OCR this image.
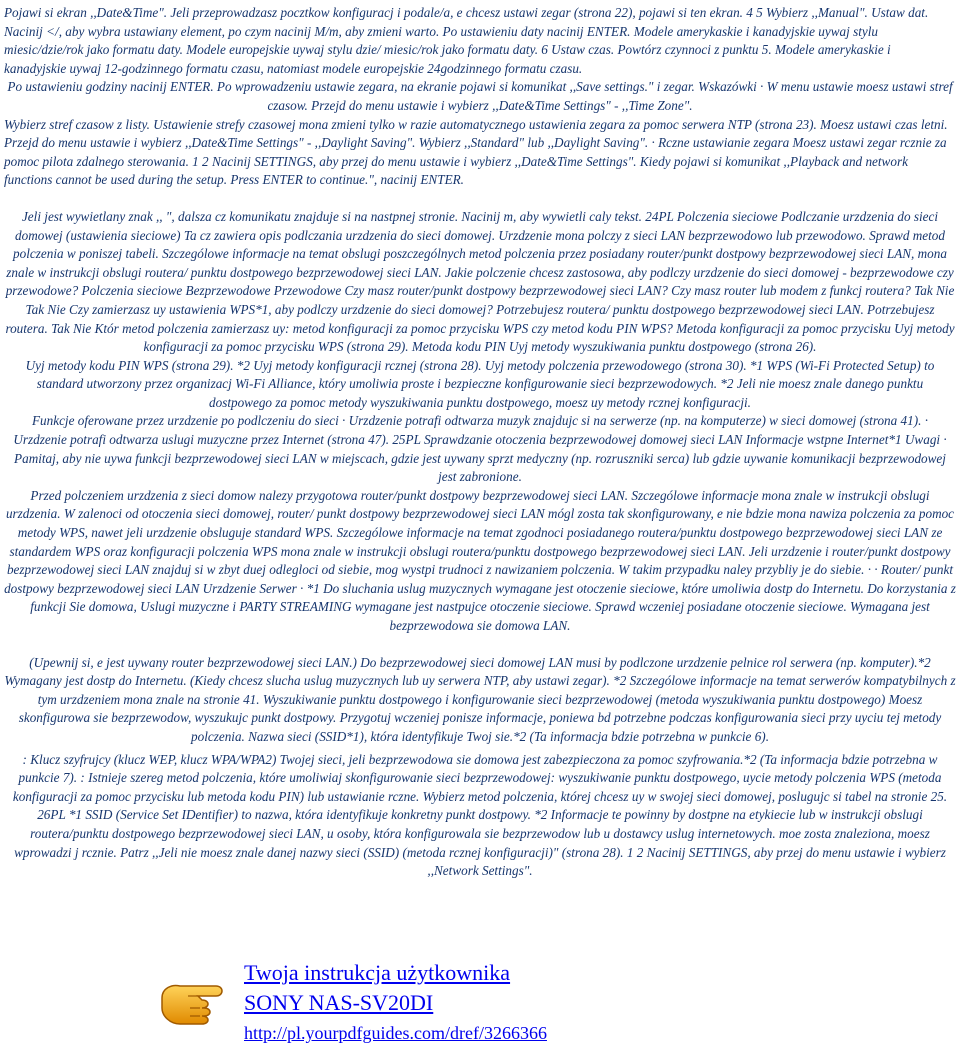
Pojawi si ekran ,,Date&Time". Jeli przeprowadzasz pocztkow konfiguracj i podale/a, e chcesz ustawi zegar (strona 22), pojawi si ten ekran. 4 5 Wybierz ,,Manual". Ustaw dat. Nacinij </, aby wybra ustawiany element, po czym nacinij M/m, aby zmieni warto. Po ustawieniu daty nacinij ENTER. Modele amerykaskie i kanadyjskie uywaj stylu miesic/dzie/rok jako formatu daty. Modele europejskie uywaj stylu dzie/ miesic/rok jako formatu daty. 6 Ustaw czas. Powtórz czynnoci z punktu 5. Modele amerykaskie i kanadyjskie uywaj 12-godzinnego formatu czasu, natomiast modele europejskie 24godzinnego formatu czasu.

Po ustawieniu godziny nacinij ENTER. Po wprowadzeniu ustawie zegara, na ekranie pojawi si komunikat ,,Save settings." i zegar. Wskazówki · W menu ustawie moesz ustawi stref czasow. Przejd do menu ustawie i wybierz ,,Date&Time Settings" - ,,Time Zone".

Wybierz stref czasow z listy. Ustawienie strefy czasowej mona zmieni tylko w razie automatycznego ustawienia zegara za pomoc serwera NTP (strona 23). Moesz ustawi czas letni. Przejd do menu ustawie i wybierz ,,Date&Time Settings" - ,,Daylight Saving". Wybierz ,,Standard" lub ,,Daylight Saving". · Rczne ustawianie zegara Moesz ustawi zegar rcznie za pomoc pilota zdalnego sterowania. 1 2 Nacinij SETTINGS, aby przej do menu ustawie i wybierz ,,Date&Time Settings". Kiedy pojawi si komunikat ,,Playback and network functions cannot be used during the setup. Press ENTER to continue.", nacinij ENTER.

Jeli jest wywietlany znak ,, ", dalsza cz komunikatu znajduje si na nastpnej stronie. Nacinij m, aby wywietli caly tekst. 24PL Polczenia sieciowe Podlczanie urzdzenia do sieci domowej (ustawienia sieciowe) Ta cz zawiera opis podlczania urzdzenia do sieci domowej. Urzdzenie mona polczy z sieci LAN bezprzewodowo lub przewodowo. Sprawd metod polczenia w poniszej tabeli. Szczególowe informacje na temat obslugi poszczególnych metod polczenia przez posiadany router/punkt dostpowy bezprzewodowej sieci LAN, mona znale w instrukcji obslugi routera/ punktu dostpowego bezprzewodowej sieci LAN. Jakie polczenie chcesz zastosowa, aby podlczy urzdzenie do sieci domowej - bezprzewodowe czy przewodowe? Polczenia sieciowe Bezprzewodowe Przewodowe Czy masz router/punkt dostpowy bezprzewodowej sieci LAN? Czy masz router lub modem z funkcj routera? Tak Nie Tak Nie Czy zamierzasz uy ustawienia WPS*1, aby podlczy urzdzenie do sieci domowej? Potrzebujesz routera/ punktu dostpowego bezprzewodowej sieci LAN. Potrzebujesz routera. Tak Nie Któr metod polczenia zamierzasz uy: metod konfiguracji za pomoc przycisku WPS czy metod kodu PIN WPS? Metoda konfiguracji za pomoc przycisku Uyj metody konfiguracji za pomoc przycisku WPS (strona 29). Metoda kodu PIN Uyj metody wyszukiwania punktu dostpowego (strona 26).

Uyj metody kodu PIN WPS (strona 29). *2 Uyj metody konfiguracji rcznej (strona 28). Uyj metody polczenia przewodowego (strona 30). *1 WPS (Wi-Fi Protected Setup) to standard utworzony przez organizacj Wi-Fi Alliance, który umoliwia proste i bezpieczne konfigurowanie sieci bezprzewodowych. *2 Jeli nie moesz znale danego punktu dostpowego za pomoc metody wyszukiwania punktu dostpowego, moesz uy metody rcznej konfiguracji.

Funkcje oferowane przez urzdzenie po podlczeniu do sieci · Urzdzenie potrafi odtwarza muzyk znajdujc si na serwerze (np. na komputerze) w sieci domowej (strona 41). · Urzdzenie potrafi odtwarza uslugi muzyczne przez Internet (strona 47). 25PL Sprawdzanie otoczenia bezprzewodowej domowej sieci LAN Informacje wstpne Internet*1 Uwagi · Pamitaj, aby nie uywa funkcji bezprzewodowej sieci LAN w miejscach, gdzie jest uywany sprzt medyczny (np. rozruszniki serca) lub gdzie uywanie komunikacji bezprzewodowej jest zabronione.

Przed polczeniem urzdzenia z sieci domow nalezy przygotowa router/punkt dostpowy bezprzewodowej sieci LAN. Szczególowe informacje mona znale w instrukcji obslugi urzdzenia. W zalenoci od otoczenia sieci domowej, router/ punkt dostpowy bezprzewodowej sieci LAN mógl zosta tak skonfigurowany, e nie bdzie mona nawiza polczenia za pomoc metody WPS, nawet jeli urzdzenie obsluguje standard WPS. Szczególowe informacje na temat zgodnoci posiadanego routera/punktu dostpowego bezprzewodowej sieci LAN ze standardem WPS oraz konfiguracji polczenia WPS mona znale w instrukcji obslugi routera/punktu dostpowego bezprzewodowej sieci LAN. Jeli urzdzenie i router/punkt dostpowy bezprzewodowej sieci LAN znajduj si w zbyt duej odlegloci od siebie, mog wystpi trudnoci z nawizaniem polczenia. W takim przypadku naley przybliy je do siebie. · · Router/ punkt dostpowy bezprzewodowej sieci LAN Urzdzenie Serwer · *1 Do sluchania uslug muzycznych wymagane jest otoczenie sieciowe, które umoliwia dostp do Internetu. Do korzystania z funkcji Sie domowa, Uslugi muzyczne i PARTY STREAMING wymagane jest nastpujce otoczenie sieciowe. Sprawd wczeniej posiadane otoczenie sieciowe. Wymagana jest bezprzewodowa sie domowa LAN.

(Upewnij si, e jest uywany router bezprzewodowej sieci LAN.) Do bezprzewodowej sieci domowej LAN musi by podlczone urzdzenie pelnice rol serwera (np. komputer).*2 Wymagany jest dostp do Internetu. (Kiedy chcesz slucha uslug muzycznych lub uy serwera NTP, aby ustawi zegar). *2 Szczególowe informacje na temat serwerów kompatybilnych z tym urzdzeniem mona znale na stronie 41. Wyszukiwanie punktu dostpowego i konfigurowanie sieci bezprzewodowej (metoda wyszukiwania punktu dostpowego) Moesz skonfigurowa sie bezprzewodow, wyszukujc punkt dostpowy. Przygotuj wczeniej ponisze informacje, poniewa bd potrzebne podczas konfigurowania sieci przy uyciu tej metody polczenia. Nazwa sieci (SSID*1), która identyfikuje Twoj sie.*2 (Ta informacja bdzie potrzebna w punkcie 6).

: Klucz szyfrujcy (klucz WEP, klucz WPA/WPA2) Twojej sieci, jeli bezprzewodowa sie domowa jest zabezpieczona za pomoc szyfrowania.*2 (Ta informacja bdzie potrzebna w punkcie 7). : Istnieje szereg metod polczenia, które umoliwiaj skonfigurowanie sieci bezprzewodowej: wyszukiwanie punktu dostpowego, uycie metody polczenia WPS (metoda konfiguracji za pomoc przycisku lub metoda kodu PIN) lub ustawianie rczne. Wybierz metod polczenia, której chcesz uy w swojej sieci domowej, poslugujc si tabel na stronie 25. 26PL *1 SSID (Service Set IDentifier) to nazwa, która identyfikuje konkretny punkt dostpowy. *2 Informacje te powinny by dostpne na etykiecie lub w instrukcji obslugi routera/punktu dostpowego bezprzewodowej sieci LAN, u osoby, która konfigurowala sie bezprzewodow lub u dostawcy uslug internetowych. moe zosta znaleziona, moesz wprowadzi j rcznie. Patrz ,,Jeli nie moesz znale danej nazwy sieci (SSID) (metoda rcznej konfiguracji)" (strona 28). 1 2 Nacinij SETTINGS, aby przej do menu ustawie i wybierz ,,Network Settings".

Twoja instrukcja użytkownika
SONY NAS-SV20DI
http://pl.yourpdfguides.com/dref/3266366
